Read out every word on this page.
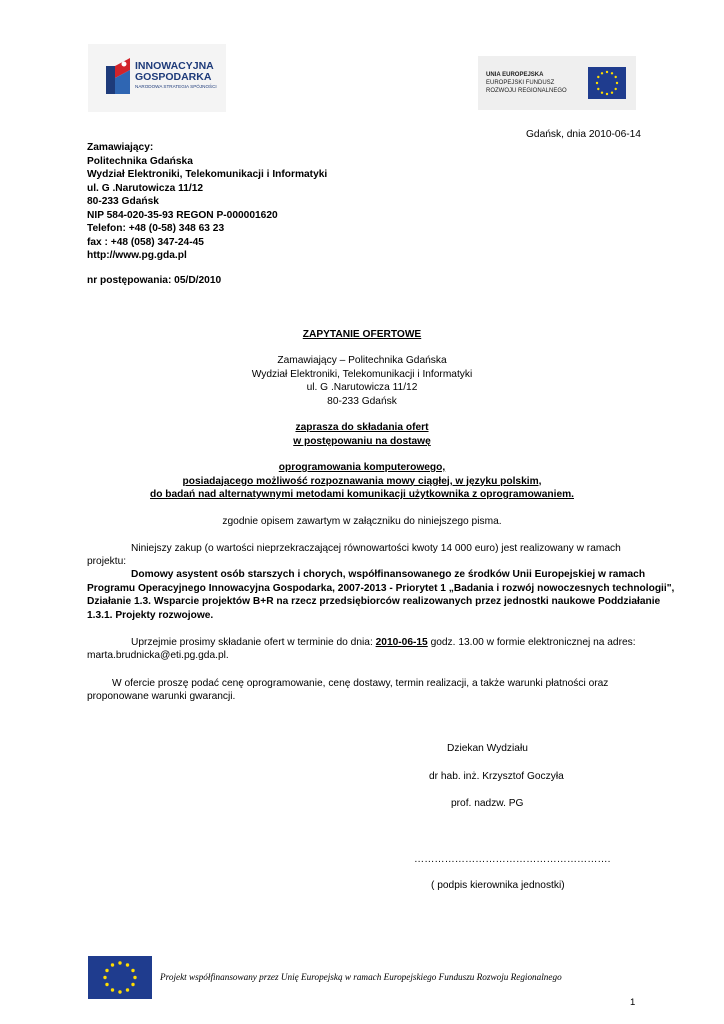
INNOWACYJNA
GOSPODARKA
NARODOWA STRATEGIA SPÓJNOŚCI
UNIA EUROPEJSKA
EUROPEJSKI FUNDUSZ
ROZWOJU REGIONALNEGO
Gdańsk, dnia 2010-06-14
Zamawiający:
Politechnika Gdańska
Wydział Elektroniki, Telekomunikacji i Informatyki
ul. G .Narutowicza 11/12
80-233 Gdańsk
NIP 584-020-35-93 REGON P-000001620
Telefon: +48 (0-58) 348 63 23
fax : +48 (058) 347-24-45
http://www.pg.gda.pl
nr postępowania: 05/D/2010
ZAPYTANIE OFERTOWE
Zamawiający – Politechnika Gdańska
Wydział Elektroniki, Telekomunikacji i Informatyki
ul. G .Narutowicza 11/12
80-233 Gdańsk
zaprasza do składania ofert
w postępowaniu na dostawę
oprogramowania komputerowego,
posiadającego możliwość rozpoznawania mowy ciągłej, w języku polskim,
do badań nad alternatywnymi metodami komunikacji użytkownika z oprogramowaniem.
zgodnie opisem zawartym w załączniku do niniejszego pisma.
Niniejszy zakup (o wartości nieprzekraczającej równowartości kwoty 14 000 euro) jest realizowany w ramach
projektu:
Domowy asystent osób starszych i chorych, współfinansowanego ze środków Unii Europejskiej w ramach
Programu Operacyjnego Innowacyjna Gospodarka, 2007-2013 - Priorytet 1 „Badania i rozwój nowoczesnych technologii",
Działanie 1.3. Wsparcie projektów B+R na rzecz przedsiębiorców realizowanych przez jednostki naukowe Poddziałanie
1.3.1. Projekty rozwojowe.
Uprzejmie prosimy składanie ofert w terminie do dnia: 2010-06-15 godz. 13.00 w formie elektronicznej na adres:
marta.brudnicka@eti.pg.gda.pl.
W ofercie proszę podać cenę oprogramowanie, cenę dostawy, termin realizacji, a także warunki płatności oraz
proponowane warunki gwarancji.
Dziekan Wydziału
dr hab. inż. Krzysztof Goczyła
prof. nadzw. PG
………………………………………………….
( podpis kierownika jednostki)
Projekt współfinansowany przez Unię Europejską w ramach Europejskiego Funduszu Rozwoju Regionalnego
1
